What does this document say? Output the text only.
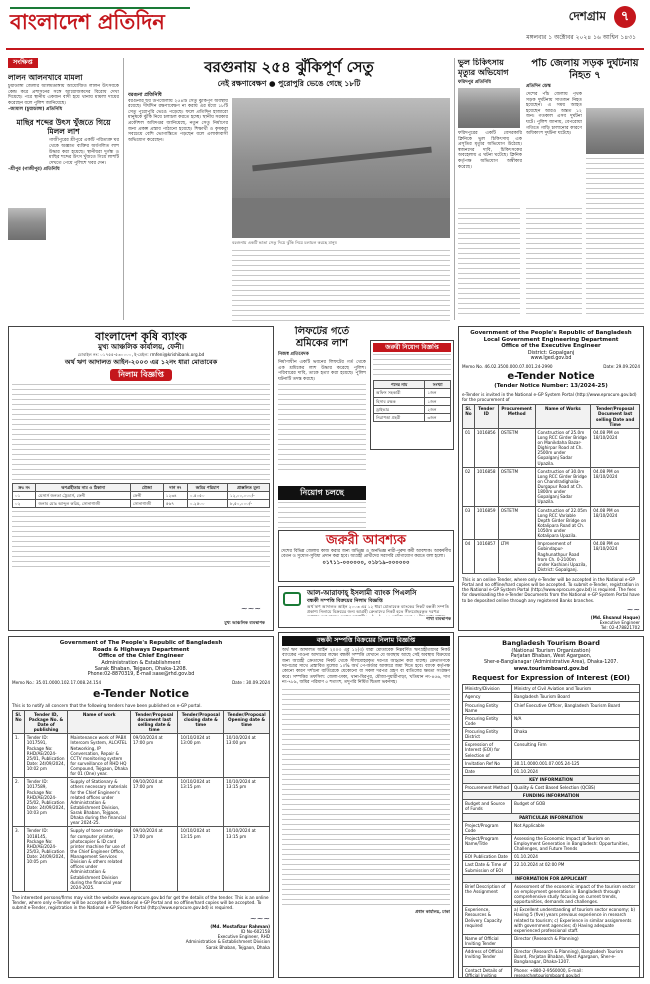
বাংলাদেশ প্রতিদিন	দেশগ্রাম	৭
মঙ্গলবার ১ অক্টোবর ২০২৪ ১৬ আশ্বিন ১৪৩১
সংক্ষিপ্ত
লালন আলনখাবে মামলা
চুয়াডাঙ্গা জেলার আলমডাঙ্গায় আয়োজিত লালন উৎসবকে কেন্দ্র করে প্রশাসনের সঙ্গে আয়োজকদের বিরোধ দেখা দিয়েছে। পরে স্থানীয় একজন বাদী হয়ে থানায় মামলা দায়ের করেছেন বলে পুলিশ জানিয়েছে।
–জামাল (চুয়াডাঙ্গা) প্রতিনিধি
মাছির শব্দের উৎস খুঁজতে গিয়ে মিলল লাশ
গাজীপুরের শ্রীপুরে একটি পরিত্যক্ত ঘর থেকে অজ্ঞাত ব্যক্তির অর্ধগলিত লাশ উদ্ধার করা হয়েছে। স্থানীয়রা দুর্গন্ধ ও মাছির শব্দের উৎস খুঁজতে গিয়ে লাশটি দেখতে পেয়ে পুলিশে খবর দেন।
–শ্রীপুর (গাজীপুর) প্রতিনিধি
বরগুনায় ২৫৪ ঝুঁকিপূর্ণ সেতু
নেই রক্ষণাবেক্ষণ ● পুরোপুরি ভেঙে গেছে ১৮টি
বরগুনা প্রতিনিধি
বরগুনার ছয় উপজেলায় ২৫৪টি সেতু ঝুঁকিপূর্ণ অবস্থায় রয়েছে। দীর্ঘদিন রক্ষণাবেক্ষণ না করায় এর মধ্যে ১৮টি সেতু পুরোপুরি ভেঙে পড়েছে। ফলে প্রতিদিন হাজারো মানুষকে ঝুঁকি নিয়ে চলাচল করতে হচ্ছে। স্থানীয় সরকার প্রকৌশল অধিদপ্তর জানিয়েছে, নতুন সেতু নির্মাণের জন্য প্রকল্প প্রস্তাব পাঠানো হয়েছে। শিক্ষার্থী ও কৃষকরা সবচেয়ে বেশি ভোগান্তিতে পড়ছেন বলে এলাকাবাসী অভিযোগ করেছেন।
বরগুনায় একটি ভাঙা সেতু দিয়ে ঝুঁকি নিয়ে চলাচল করছে মানুষ
ভুল চিকিৎসায় মৃত্যুর অভিযোগ
ফরিদপুর প্রতিনিধি
ফরিদপুরের একটি বেসরকারি ক্লিনিকে ভুল চিকিৎসায় এক প্রসূতির মৃত্যুর অভিযোগ উঠেছে। স্বজনদের দাবি, চিকিৎসকের অবহেলায় এ ঘটনা ঘটেছে। ক্লিনিক কর্তৃপক্ষ অভিযোগ অস্বীকার করেছে।
পাঁচ জেলায় সড়ক দুর্ঘটনায় নিহত ৭
প্রতিদিন ডেস্ক
দেশের পাঁচ জেলায় পৃথক সড়ক দুর্ঘটনায় সাতজন নিহত হয়েছেন। এ সময় আহত হয়েছেন আরও অন্তত ১২ জন। গতকাল এসব দুর্ঘটনা ঘটে। পুলিশ জানায়, বেপরোয়া গতিতে গাড়ি চালানোর কারণে অধিকাংশ দুর্ঘটনা ঘটেছে।
বাংলাদেশ কৃষি ব্যাংক
মুখ্য আঞ্চলিক কার্যালয়, ফেনী।
মোবাইল নং: ০১৭৫৫-৫৩০০০০, ই-মেইল: rmfeni@krishibank.org.bd
অর্থ ঋণ আদালত আইন-২০০৩ এর ১২নং ধারা মোতাবেক
নিলাম বিজ্ঞপ্তি
ক্রঃ নং	ঋণগ্রহীতার নাম ও ঠিকানা	মৌজা	দাগ নং	জমির পরিমাণ	প্রাক্কলিত মূল্য
০১	মেসার্স জনতা ট্রেডার্স, ফেনী	ফেনী	১২৩৪	০.৫০৫০	১২,০০,০০০/-
০২	জনাব মোঃ আব্দুল করিম, সোনাগাজী	সোনাগাজী	৫৬৭	০.২৫০০	৮,৫০,০০০/-
~~~
মুখ্য আঞ্চলিক ব্যবস্থাপক
লিফটের গর্তে শ্রমিকের লাশ
নিজস্ব প্রতিবেদক
নির্মাণাধীন একটি ভবনের লিফটের গর্ত থেকে এক শ্রমিকের লাশ উদ্ধার করেছে পুলিশ। পরিবারের দাবি, তাকে হত্যা করা হয়েছে। পুলিশ ঘটনাটি তদন্ত করছে।
জরুরী নিয়োগ বিজ্ঞপ্তি
পদের নাম	সংখ্যা
অফিস সহকারী	১জন
হিসাব রক্ষক	১জন
ড্রাইভার	২জন
নিরাপত্তা প্রহরী	৩জন
নিয়োগ চলছে
জরুরী আবশ্যক
দেশের বিভিন্ন জেলায় কাজ করার জন্য অভিজ্ঞ ও অনভিজ্ঞ নারী-পুরুষ কর্মী আবশ্যক। আকর্ষণীয় বেতন ও সুযোগ-সুবিধা প্রদান করা হবে। আগ্রহী প্রার্থীদের সরাসরি যোগাযোগ করতে বলা হলো।
০১৭১১-০০০০০০, ০১৮১৯-০০০০০০
আল-আরাফাহ্ ইসলামী ব্যাংক পিএলসি
বন্ধকী সম্পত্তি বিক্রয়ের নিলাম বিজ্ঞপ্তি
অর্থ ঋণ আদালত আইন ২০০৩ এর ১২ ধারা মোতাবেক ব্যাংকের নিকট বন্ধকী সম্পত্তি প্রকাশ্য নিলামে বিক্রয়ের জন্য আগ্রহী ক্রেতাদের নিকট হতে সীলমোহরকৃত দরপত্র
শাখা ব্যবস্থাপক
Government of the People's Republic of Bangladesh
Local Government Engineering Department
Office of the Executive Engineer
District: Gopalganj
www.lged.gov.bd
Memo No. 46.02.3500.000.07.001.24-2990	Date: 29.09.2024
e-Tender Notice
(Tender Notice Number: 13/2024-25)
e-Tender is invited in the National e-GP System Portal (http://www.eprocure.gov.bd) for the procurement of
Sl. No	Tender ID	Procurement Method	Name of Works	Tender/Proposal Document last selling Date and Time
01	1016856	OSTETM	Construction of 25.0m Long RCC Girder Bridge on Manikdaha Bazar-Dighirpar Road at Ch. 2500m under Gopalganj Sadar Upazila.	04.08 PM on 18/10/2024
02	1016858	OSTETM	Construction of 30.0m Long RCC Girder Bridge on Chandradighalia-Durgapur Road at Ch. 1800m under Gopalganj Sadar Upazila.	04.08 PM on 18/10/2024
03	1016859	OSTETM	Construction of 22.05m Long RCC Variable Depth Girder Bridge on Kotalipara Road at Ch. 1050m under Kotalipara Upazila.	04.08 PM on 18/10/2024
04	1016857	LTM	Improvement of Gobindapur-Raghunathpur Road from Ch. 0-2100m under Kashiani Upazila, District: Gopalganj.	04.08 PM on 18/10/2024
This is an online Tender, where only e-Tender will be accepted in the National e-GP Portal and no offline/hard copies will be accepted. To submit e-Tender, registration in the National e-GP System Portal (http://www.eprocure.gov.bd) is required. The fees for downloading the e-Tender Documents from the National e-GP System Portal have to be deposited online through any registered Banks branches.
~~
(Md. Ehsanul Haque)
Executive Engineer
Tel: 02-478821702
Government of The People's Republic of Bangladesh
Roads & Highways Department
Office of the Chief Engineer
Administration & Establishment
Sarak Bhaban, Tejgaon, Dhaka-1208.
Phone:02-8870319, E-mail:sase@rhd.gov.bd
Memo No.: 35.01.0000.102.17.008.24.154	Date : 30.09.2024
e-Tender Notice
This is to notify all concern that the following tenders have been published on e-GP portal.
Sl. No	Tender ID, Package No. & Date of publishing	Name of work	Tender/Proposal document last selling date & time	Tender/Proposal closing date & time	Tender/Proposal Opening date & time
1.	Tender ID: 1017591, Package No: RHD/AE/2024-25/01, Publication Date: 24/09/2024, 10:02 pm	Maintenance work of PABX Intercom System, ALCATEL Networking, IP Conversation, Repair & CCTV monitoring system for surveillance of RHD HQ Compound, Tejgaon, Dhaka for 01 (One) year.	09/10/2024 at 17:00 pm	10/10/2024 at 13:00 pm	10/10/2024 at 13:00 pm
2.	Tender ID: 1017589, Package No: RHD/AE/2024-25/02, Publication Date: 24/09/2024, 10:03 pm	Supply of Stationary & others necessary materials for the Chief Engineer's related offices under Administration & Establishment Division, Sarak Bhaban, Tejgaon, Dhaka during the financial year 2024-25.	09/10/2024 at 17:00 pm	10/10/2024 at 13:15 pm	10/10/2024 at 13:15 pm
3.	Tender ID: 1018145, Package No: RHD/AE/2024-25/03, Publication Date: 24/09/2024, 10:05 pm	Supply of toner cartridge for computer printer, photocopier & ID card printer machine for use of the Chief Engineer Office, Management Services Division & others related offices under Administration & Establishment Division during the financial year 2024-2025.	09/10/2024 at 17:00 pm	10/10/2024 at 13:15 pm	10/10/2024 at 13:15 pm
The interested persons/firms may visit the website www.eprocure.gov.bd for get the details of the tender. This is an online Tender, where only e-Tender will be accepted in the National e-GP Portal and no offline/hard copies will be accepted. To submit e-Tender, registration in the National e-GP System Portal (http://www.eprocure.gov.bd) is required.
~~~
(Md. Mostafizur Rahman)
ID No-602158
Executive Engineer, RHD
Administration & Establishment Division
Sarak Bhaban, Tejgaon, Dhaka
বন্ধকী সম্পত্তি বিক্রয়ের নিলাম বিজ্ঞপ্তি
অর্থ ঋণ আদালত আইন ২০০৩ এর ১২(৩) ধারা মোতাবেক নিম্নবর্ণিত ঋণগ্রহীতাদের নিকট ব্যাংকের পাওনা আদায়ের লক্ষ্যে বন্ধকী সম্পত্তি যেখানে যে অবস্থায় আছে সেই অবস্থায় বিক্রয়ের জন্য আগ্রহী ক্রেতাদের নিকট থেকে সীলমোহরকৃত দরপত্র আহ্বান করা যাচ্ছে। ক্রেতাগণকে দরপত্রের সাথে প্রস্তাবিত মূল্যের ১০% অর্থ পে-অর্ডার আকারে জমা দিতে হবে। ব্যাংক কর্তৃপক্ষ কোনো কারণ দর্শানো ব্যতিরেকে যেকোনো বা সকল দরপত্র গ্রহণ বা বাতিলের ক্ষমতা সংরক্ষণ করে। সম্পত্তির তফসিল: জেলা-ঢাকা, থানা-মিরপুর, মৌজা-দুয়ারীপাড়া, খতিয়ান নং-৪৫৬, দাগ নং-৭৮৯, জমির পরিমাণ ৫ শতাংশ, তদুপরি নির্মিত দ্বিতল ভবনসহ।
প্রধান কার্যালয়, ঢাকা
Bangladesh Tourism Board
(National Tourism Organization)
Parjatan Bhaban, West Agargaon,
Sher-e-Banglanagar (Administrative Area), Dhaka-1207.
www.tourismboard.gov.bd
Request for Expression of Interest (EOI)
Ministry/Division	Ministry of Civil Aviation and Tourism
Agency	Bangladesh Tourism Board
Procuring Entity Name	Chief Executive Officer, Bangladesh Tourism Board
Procuring Entity Code	N/A
Procuring Entity District	Dhaka
Expression of Interest (EOI) for Selection of	Consulting Firm
Invitation Ref No	30.11.0000.001.07.005.24-125
Date	01.10.2024
KEY INFORMATION	
Procurement Method	Quality & Cost Based Selection (QCBS)
FUNDING INFORMATION	
Budget and Source of Funds	Budget of GOB
PARTICULAR INFORMATION	
Project/Program Code	Not Applicable
Project/Program Name/Title	Assessing the Economic Impact of Tourism on Employment Generation in Bangladesh: Opportunities, Challenges, and Future Trends
EOI Publication Date	01.10.2024
Last Date & Time of Submission of EOI	22.10.2024 at 02:00 PM
INFORMATION FOR APPLICANT	
Brief Description of the Assignment	Assessment of the economic impact of the tourism sector on employment generation in Bangladesh through comprehensive study focusing on current trends, opportunities, demands and challenges.
Experience, Resources & Delivery Capacity required	a) Excellent understanding of tourism sector economy; b) Having 5 (five) years previous experience in research related to tourism; c) Experience in similar assignments with government agencies; d) Having adequate experienced professional staff.
Name of Official Inviting Tender	Director (Research & Planning)
Address of Official Inviting Tender	Director (Research & Planning), Bangladesh Tourism Board, Parjatan Bhaban, West Agargaon, Sher-e-Banglanagar, Dhaka-1207.
Contact Details of Official Inviting	Phone: +880-2-9560000, E-mail: research@tourismboard.gov.bd
